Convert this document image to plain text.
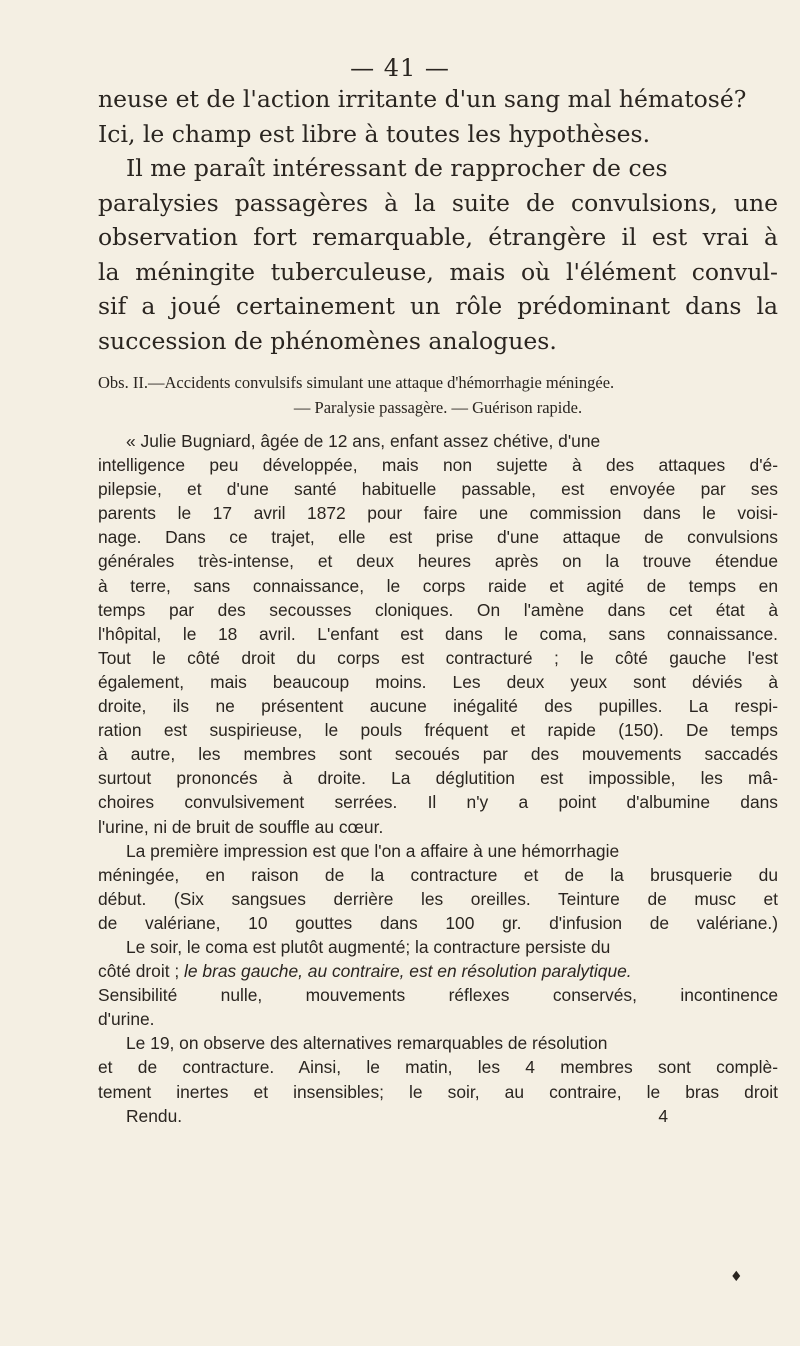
— 41 —
neuse et de l'action irritante d'un sang mal hématosé?
Ici, le champ est libre à toutes les hypothèses.
Il me paraît intéressant de rapprocher de ces
paralysies passagères à la suite de convulsions, une
observation fort remarquable, étrangère il est vrai à
la méningite tuberculeuse, mais où l'élément convul-
sif a joué certainement un rôle prédominant dans la
succession de phénomènes analogues.
Obs. II.—Accidents convulsifs simulant une attaque d'hémorrhagie méningée.
— Paralysie passagère. — Guérison rapide.
« Julie Bugniard, âgée de 12 ans, enfant assez chétive, d'une
intelligence peu développée, mais non sujette à des attaques d'é-
pilepsie, et d'une santé habituelle passable, est envoyée par ses
parents le 17 avril 1872 pour faire une commission dans le voisi-
nage. Dans ce trajet, elle est prise d'une attaque de convulsions
générales très-intense, et deux heures après on la trouve étendue
à terre, sans connaissance, le corps raide et agité de temps en
temps par des secousses cloniques. On l'amène dans cet état à
l'hôpital, le 18 avril. L'enfant est dans le coma, sans connaissance.
Tout le côté droit du corps est contracturé ; le côté gauche l'est
également, mais beaucoup moins. Les deux yeux sont déviés à
droite, ils ne présentent aucune inégalité des pupilles. La respi-
ration est suspirieuse, le pouls fréquent et rapide (150). De temps
à autre, les membres sont secoués par des mouvements saccadés
surtout prononcés à droite. La déglutition est impossible, les mâ-
choires convulsivement serrées. Il n'y a point d'albumine dans
l'urine, ni de bruit de souffle au cœur.
La première impression est que l'on a affaire à une hémorrhagie
méningée, en raison de la contracture et de la brusquerie du
début. (Six sangsues derrière les oreilles. Teinture de musc et
de valériane, 10 gouttes dans 100 gr. d'infusion de valériane.)
Le soir, le coma est plutôt augmenté; la contracture persiste du
côté droit ; le bras gauche, au contraire, est en résolution paralytique.
Sensibilité nulle, mouvements réflexes conservés, incontinence
d'urine.
Le 19, on observe des alternatives remarquables de résolution
et de contracture. Ainsi, le matin, les 4 membres sont complè-
tement inertes et insensibles; le soir, au contraire, le bras droit
Rendu.	4
♦
